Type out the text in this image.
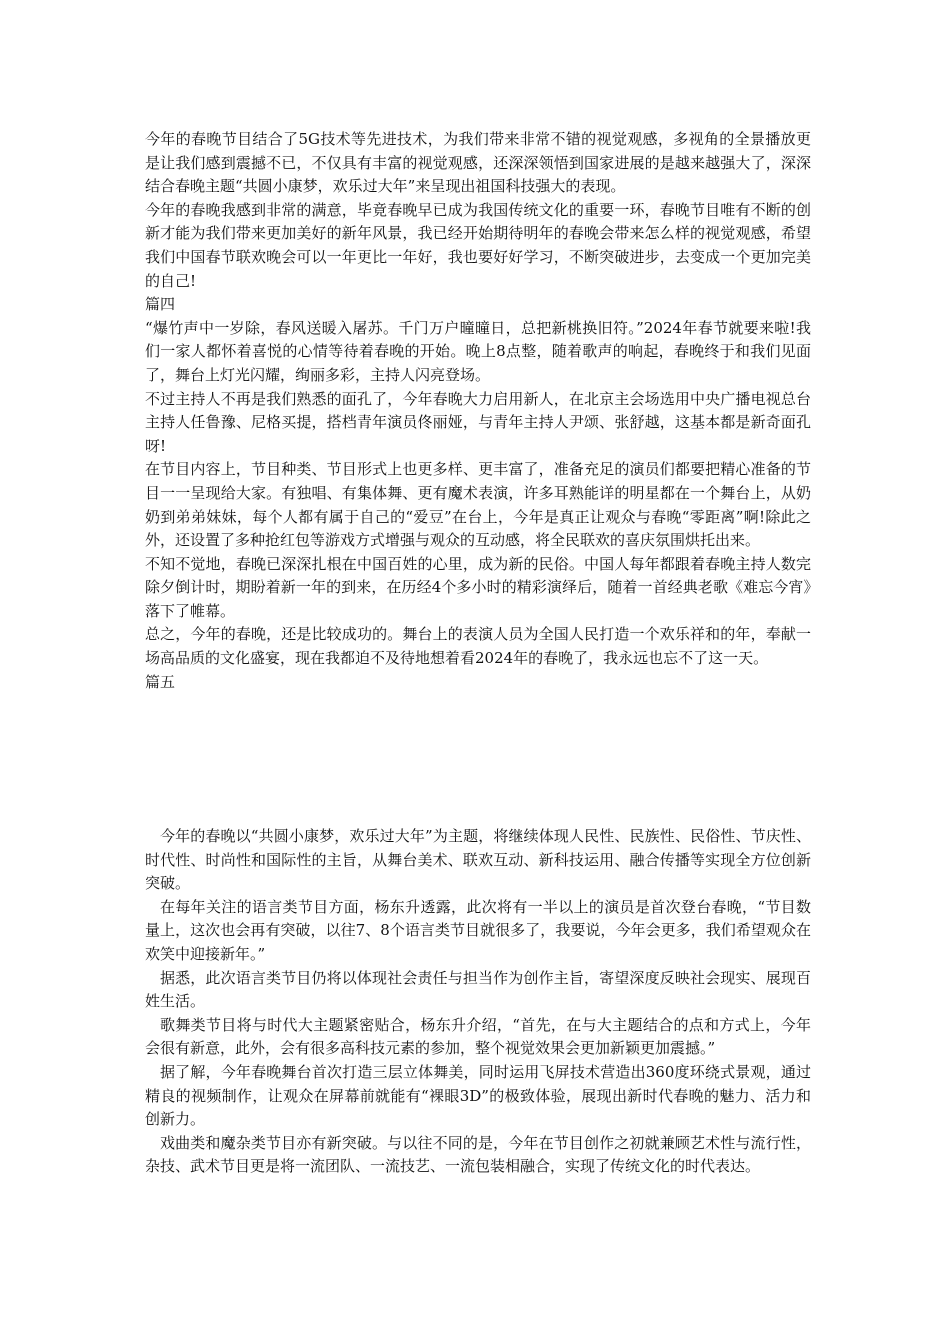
今年的春晚节目结合了5G技术等先进技术，为我们带来非常不错的视觉观感，多视角的全景播放更是让我们感到震撼不已，不仅具有丰富的视觉观感，还深深领悟到国家进展的是越来越强大了，深深结合春晚主题“共圆小康梦，欢乐过大年”来呈现出祖国科技强大的表现。

今年的春晚我感到非常的满意，毕竟春晚早已成为我国传统文化的重要一环，春晚节目唯有不断的创新才能为我们带来更加美好的新年风景，我已经开始期待明年的春晚会带来怎么样的视觉观感，希望我们中国春节联欢晚会可以一年更比一年好，我也要好好学习，不断突破进步，去变成一个更加完美的自己!

篇四

“爆竹声中一岁除，春风送暖入屠苏。千门万户曈曈日，总把新桃换旧符。”2024年春节就要来啦!我们一家人都怀着喜悦的心情等待着春晚的开始。晚上8点整，随着歌声的响起，春晚终于和我们见面了，舞台上灯光闪耀，绚丽多彩，主持人闪亮登场。

不过主持人不再是我们熟悉的面孔了，今年春晚大力启用新人，在北京主会场选用中央广播电视总台主持人任鲁豫、尼格买提，搭档青年演员佟丽娅，与青年主持人尹颂、张舒越，这基本都是新奇面孔呀!

在节目内容上，节目种类、节目形式上也更多样、更丰富了，准备充足的演员们都要把精心准备的节目一一呈现给大家。有独唱、有集体舞、更有魔术表演，许多耳熟能详的明星都在一个舞台上，从奶奶到弟弟妹妹，每个人都有属于自己的“爱豆”在台上，今年是真正让观众与春晚“零距离”啊!除此之外，还设置了多种抢红包等游戏方式增强与观众的互动感，将全民联欢的喜庆氛围烘托出来。

不知不觉地，春晚已深深扎根在中国百姓的心里，成为新的民俗。中国人每年都跟着春晚主持人数完除夕倒计时，期盼着新一年的到来，在历经4个多小时的精彩演绎后，随着一首经典老歌《难忘今宵》落下了帷幕。

总之，今年的春晚，还是比较成功的。舞台上的表演人员为全国人民打造一个欢乐祥和的年，奉献一场高品质的文化盛宴，现在我都迫不及待地想着看2024年的春晚了，我永远也忘不了这一天。

篇五

今年的春晚以“共圆小康梦，欢乐过大年”为主题，将继续体现人民性、民族性、民俗性、节庆性、时代性、时尚性和国际性的主旨，从舞台美术、联欢互动、新科技运用、融合传播等实现全方位创新突破。

在每年关注的语言类节目方面，杨东升透露，此次将有一半以上的演员是首次登台春晚，“节目数量上，这次也会再有突破，以往7、8个语言类节目就很多了，我要说，今年会更多，我们希望观众在欢笑中迎接新年。”

据悉，此次语言类节目仍将以体现社会责任与担当作为创作主旨，寄望深度反映社会现实、展现百姓生活。

歌舞类节目将与时代大主题紧密贴合，杨东升介绍，“首先，在与大主题结合的点和方式上，今年会很有新意，此外，会有很多高科技元素的参加，整个视觉效果会更加新颖更加震撼。”

据了解，今年春晚舞台首次打造三层立体舞美，同时运用飞屏技术营造出360度环绕式景观，通过精良的视频制作，让观众在屏幕前就能有“裸眼3D”的极致体验，展现出新时代春晚的魅力、活力和创新力。

戏曲类和魔杂类节目亦有新突破。与以往不同的是，今年在节目创作之初就兼顾艺术性与流行性，杂技、武术节目更是将一流团队、一流技艺、一流包装相融合，实现了传统文化的时代表达。
